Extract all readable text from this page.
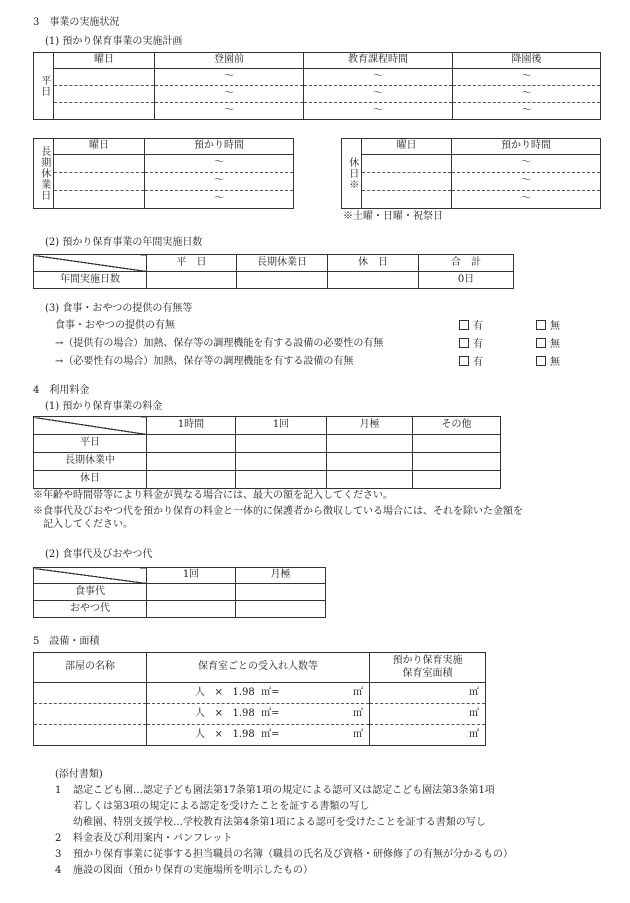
3　事業の実施状況
(1) 預かり保育事業の実施計画
平日	曜日	登園前	教育課程時間	降園後
		～	～	～
		～	～	～
		～	～	～
長期休業日	曜日	預かり時間
		～
		～
		～
休日※	曜日	預かり時間
		～
		～
		～
※土曜・日曜・祝祭日
(2) 預かり保育事業の年間実施日数
	平　日	長期休業日	休　日	合　計
年間実施日数				0日
(3) 食事・おやつの提供の有無等
食事・おやつの提供の有無	有	無
→（提供有の場合）加熱、保存等の調理機能を有する設備の必要性の有無	有	無
→（必要性有の場合）加熱、保存等の調理機能を有する設備の有無	有	無
4　利用料金
(1) 預かり保育事業の料金
	1時間	1回	月極	その他
平日				
長期休業中				
休日				
※年齢や時間帯等により料金が異なる場合には、最大の額を記入してください。
※食事代及びおやつ代を預かり保育の料金と一体的に保護者から徴収している場合には、それを除いた金額を
記入してください。
(2) 食事代及びおやつ代
	1回	月極
食事代		
おやつ代		
5　設備・面積
部屋の名称	保育室ごとの受入れ人数等	預かり保育実施
保育室面積
	人 × 1.98 ㎡= ㎡	㎡
	人 × 1.98 ㎡= ㎡	㎡
	人 × 1.98 ㎡= ㎡	㎡
(添付書類)
1 認定こども園…認定子ども園法第17条第1項の規定による認可又は認定こども園法第3条第1項
若しくは第3項の規定による認定を受けたことを証する書類の写し
幼稚園、特別支援学校…学校教育法第4条第1項による認可を受けたことを証する書類の写し
2 料金表及び利用案内・パンフレット
3 預かり保育事業に従事する担当職員の名簿（職員の氏名及び資格・研修修了の有無が分かるもの）
4 施設の図面（預かり保育の実施場所を明示したもの）
